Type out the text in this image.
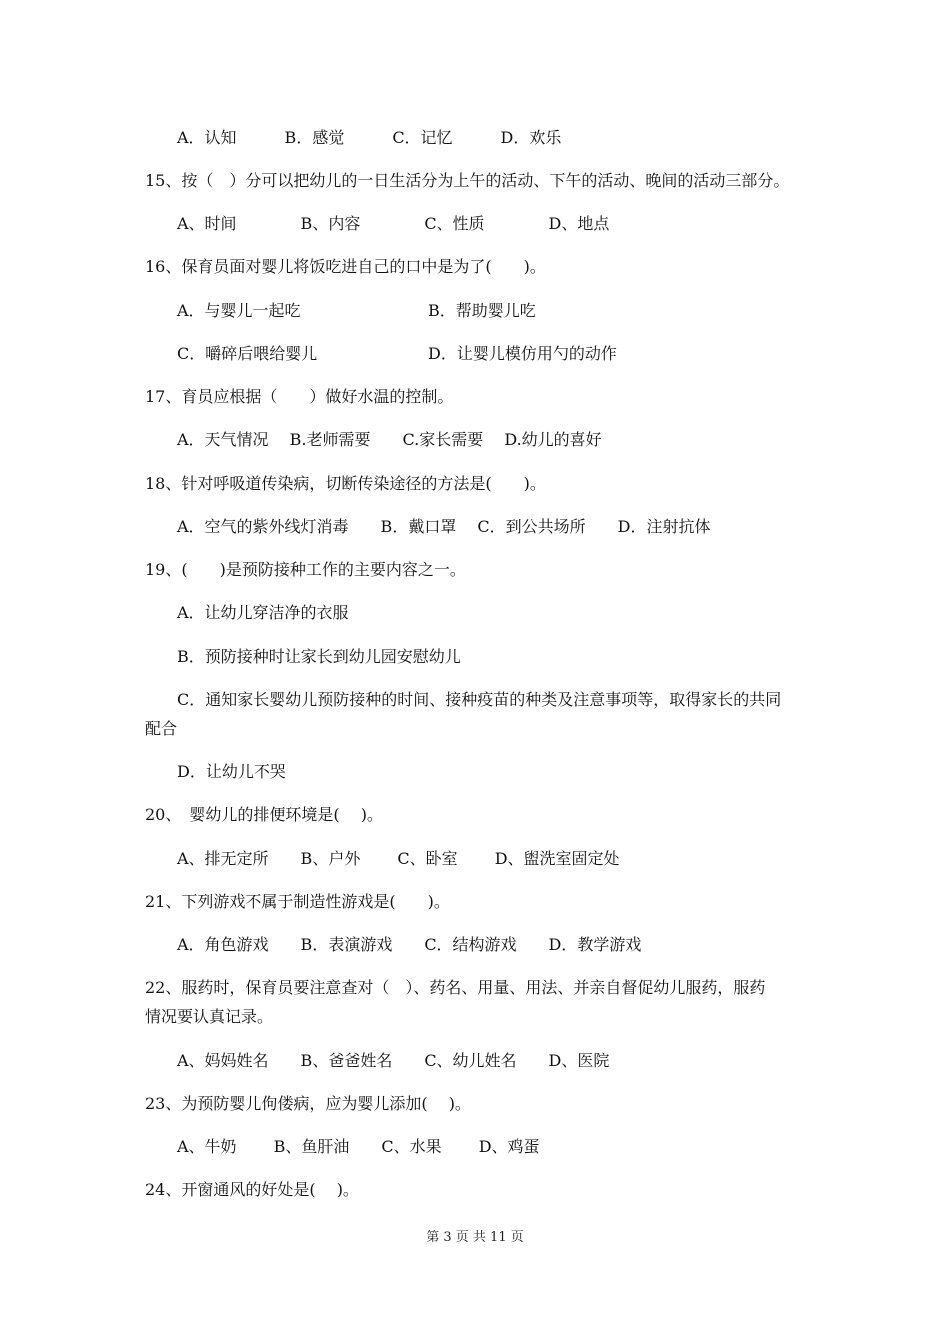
A．认知　　　B．感觉　　　C．记忆　　　D．欢乐
15、按（　）分可以把幼儿的一日生活分为上午的活动、下午的活动、晚间的活动三部分。
A、时间　　　　B、内容　　　　C、性质　　　　D、地点
16、保育员面对婴儿将饭吃进自己的口中是为了(　　)。
A．与婴儿一起吃	B．帮助婴儿吃
C．嚼碎后喂给婴儿	D．让婴儿模仿用勺的动作
17、育员应根据（　　）做好水温的控制。
A．天气情况　 B.老师需要　　C.家长需要　 D.幼儿的喜好
18、针对呼吸道传染病，切断传染途径的方法是(　　)。
A．空气的紫外线灯消毒　　B．戴口罩　 C．到公共场所　　D．注射抗体
19、(　　)是预防接种工作的主要内容之一。
A．让幼儿穿洁净的衣服
B．预防接种时让家长到幼儿园安慰幼儿
C．通知家长婴幼儿预防接种的时间、接种疫苗的种类及注意事项等，取得家长的共同
配合
D．让幼儿不哭
20、　婴幼儿的排便环境是(　 )。
A、排无定所　　B、户外　　 C、卧室　　 D、盥洗室固定处
21、下列游戏不属于制造性游戏是(　　)。
A．角色游戏　　B．表演游戏　　C．结构游戏　　D．教学游戏
22、服药时，保育员要注意查对（　）、药名、用量、用法、并亲自督促幼儿服药，服药
情况要认真记录。
A、妈妈姓名　　B、爸爸姓名　　C、幼儿姓名　　D、医院
23、为预防婴儿佝偻病，应为婴儿添加(　 )。
A、牛奶　　 B、鱼肝油　　C、水果　　 D、鸡蛋
24、开窗通风的好处是(　 )。
第 3 页 共 11 页
